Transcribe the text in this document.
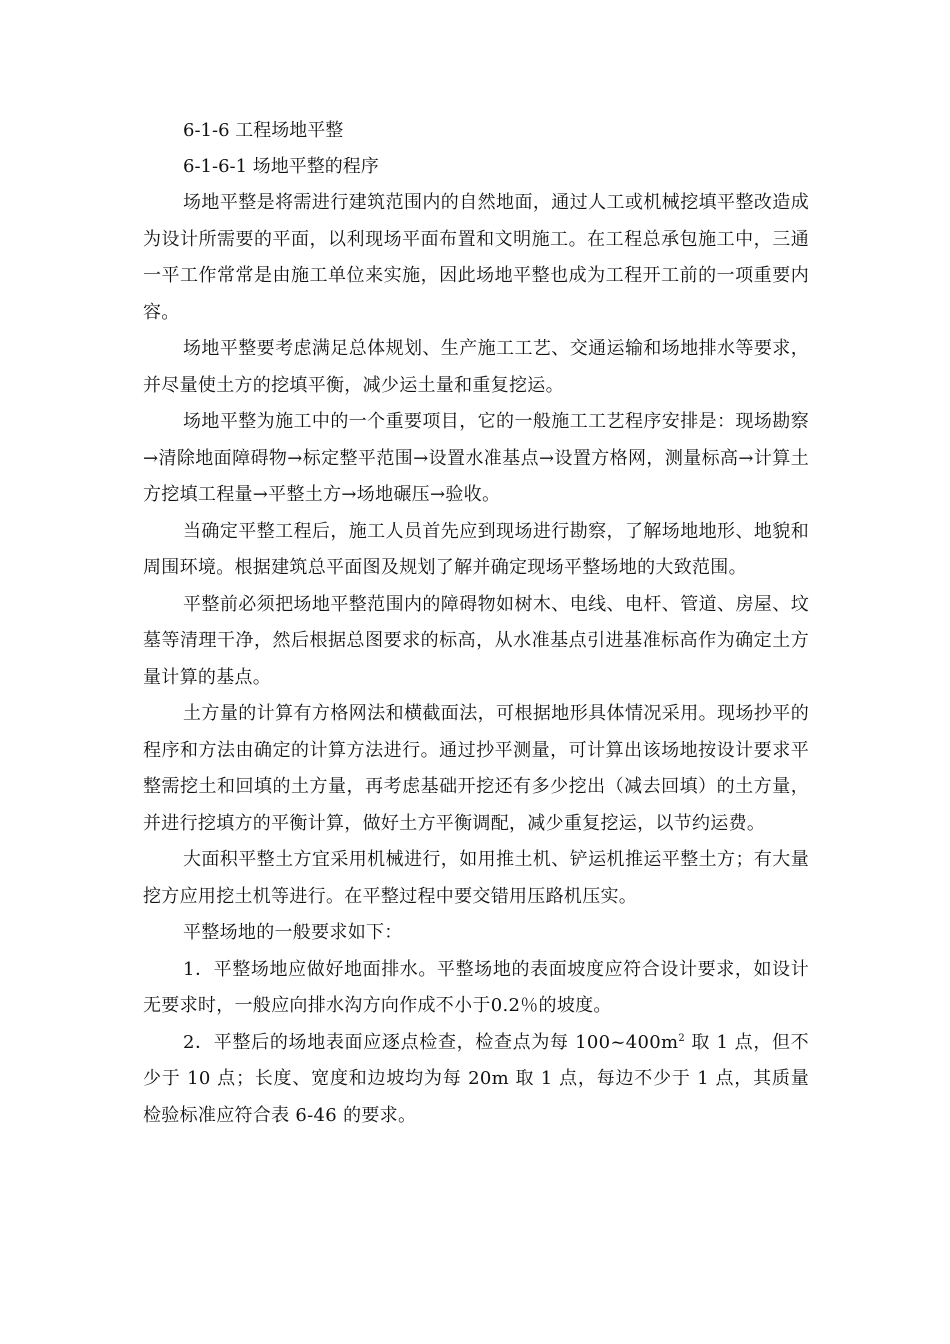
6-1-6 工程场地平整
6-1-6-1 场地平整的程序

场地平整是将需进行建筑范围内的自然地面，通过人工或机械挖填平整改造成为设计所需要的平面，以利现场平面布置和文明施工。在工程总承包施工中，三通一平工作常常是由施工单位来实施，因此场地平整也成为工程开工前的一项重要内容。

场地平整要考虑满足总体规划、生产施工工艺、交通运输和场地排水等要求，并尽量使土方的挖填平衡，减少运土量和重复挖运。

场地平整为施工中的一个重要项目，它的一般施工工艺程序安排是：现场勘察→清除地面障碍物→标定整平范围→设置水准基点→设置方格网，测量标高→计算土方挖填工程量→平整土方→场地碾压→验收。

当确定平整工程后，施工人员首先应到现场进行勘察，了解场地地形、地貌和周围环境。根据建筑总平面图及规划了解并确定现场平整场地的大致范围。

平整前必须把场地平整范围内的障碍物如树木、电线、电杆、管道、房屋、坟墓等清理干净，然后根据总图要求的标高，从水准基点引进基准标高作为确定土方量计算的基点。

土方量的计算有方格网法和横截面法，可根据地形具体情况采用。现场抄平的程序和方法由确定的计算方法进行。通过抄平测量，可计算出该场地按设计要求平整需挖土和回填的土方量，再考虑基础开挖还有多少挖出（减去回填）的土方量，并进行挖填方的平衡计算，做好土方平衡调配，减少重复挖运，以节约运费。

大面积平整土方宜采用机械进行，如用推土机、铲运机推运平整土方；有大量挖方应用挖土机等进行。在平整过程中要交错用压路机压实。

平整场地的一般要求如下：

1．平整场地应做好地面排水。平整场地的表面坡度应符合设计要求，如设计无要求时，一般应向排水沟方向作成不小于0.2％的坡度。

2．平整后的场地表面应逐点检查，检查点为每 $100\sim 400m^2$ 取 1 点，但不少于 10 点；长度、宽度和边坡均为每 20m 取 1 点，每边不少于 1 点，其质量检验标准应符合表 6-46 的要求。
